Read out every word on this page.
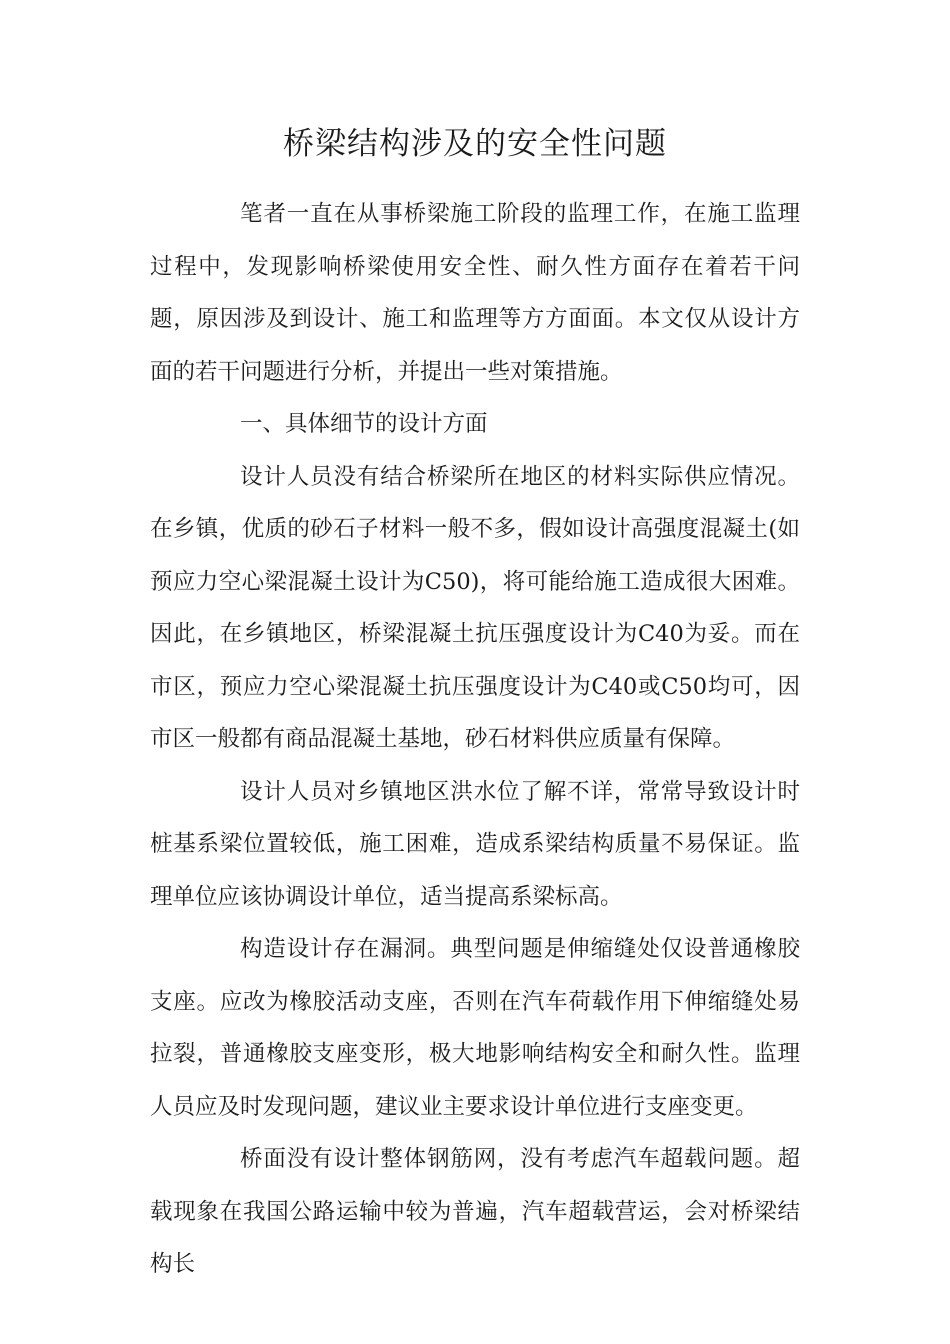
桥梁结构涉及的安全性问题

笔者一直在从事桥梁施工阶段的监理工作，在施工监理过程中，发现影响桥梁使用安全性、耐久性方面存在着若干问题，原因涉及到设计、施工和监理等方方面面。本文仅从设计方面的若干问题进行分析，并提出一些对策措施。

一、具体细节的设计方面

设计人员没有结合桥梁所在地区的材料实际供应情况。在乡镇，优质的砂石子材料一般不多，假如设计高强度混凝土(如预应力空心梁混凝土设计为C50)，将可能给施工造成很大困难。因此，在乡镇地区，桥梁混凝土抗压强度设计为C40为妥。而在市区，预应力空心梁混凝土抗压强度设计为C40或C50均可，因市区一般都有商品混凝土基地，砂石材料供应质量有保障。

设计人员对乡镇地区洪水位了解不详，常常导致设计时桩基系梁位置较低，施工困难，造成系梁结构质量不易保证。监理单位应该协调设计单位，适当提高系梁标高。

构造设计存在漏洞。典型问题是伸缩缝处仅设普通橡胶支座。应改为橡胶活动支座，否则在汽车荷载作用下伸缩缝处易拉裂，普通橡胶支座变形，极大地影响结构安全和耐久性。监理人员应及时发现问题，建议业主要求设计单位进行支座变更。

桥面没有设计整体钢筋网，没有考虑汽车超载问题。超载现象在我国公路运输中较为普遍，汽车超载营运，会对桥梁结构长
